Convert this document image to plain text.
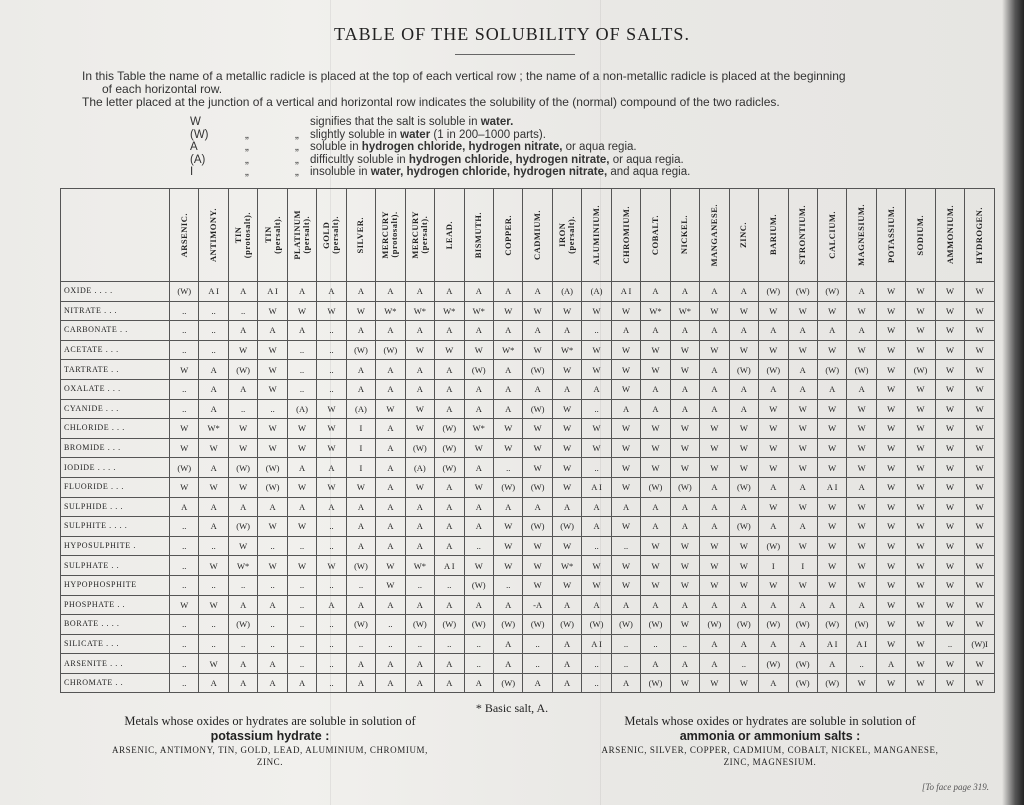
TABLE OF THE SOLUBILITY OF SALTS.

In this Table the name of a metallic radicle is placed at the top of each vertical row ; the name of a non-metallic radicle is placed at the beginning

of each horizontal row.

The letter placed at the junction of a vertical and horizontal row indicates the solubility of the (normal) compound of the two radicles.

W	signifies that the salt is soluble in water.
(W)	„	„ slightly soluble in water (1 in 200–1000 parts).
A	„	„ soluble in hydrogen chloride, hydrogen nitrate, or aqua regia.
(A)	„	„ difficultly soluble in hydrogen chloride, hydrogen nitrate, or aqua regia.
I	„	„ insoluble in water, hydrogen chloride, hydrogen nitrate, and aqua regia.

	ARSENIC.	ANTIMONY.	TIN
(protosalt).	TIN
(persalt).	PLATINUM
(persalt).	GOLD
(persalt).	SILVER.	MERCURY
(protosalt).	MERCURY
(persalt).	LEAD.	BISMUTH.	COPPER.	CADMIUM.	IRON
(persalt).	ALUMINIUM.	CHROMIUM.	COBALT.	NICKEL.	MANGANESE.	ZINC.	BARIUM.	STRONTIUM.	CALCIUM.	MAGNESIUM.	POTASSIUM.	SODIUM.	AMMONIUM.	HYDROGEN.

OXIDE . . . .	(W)	A I	A	A I	A	A	A	A	A	A	A	A	A	(A)	(A)	A I	A	A	A	A	(W)	(W)	(W)	A	W	W	W	W
NITRATE . . .	..	..	..	W	W	W	W	W*	W*	W*	W*	W	W	W	W	W	W*	W*	W	W	W	W	W	W	W	W	W	W
CARBONATE . .	..	..	A	A	A	..	A	A	A	A	A	A	A	A	..	A	A	A	A	A	A	A	A	A	W	W	W	W
ACETATE . . .	..	..	W	W	..	..	(W)	(W)	W	W	W	W*	W	W*	W	W	W	W	W	W	W	W	W	W	W	W	W	W
TARTRATE . .	W	A	(W)	W	..	..	A	A	A	A	(W)	A	(W)	W	W	W	W	W	A	(W)	(W)	A	(W)	(W)	W	(W)	W	W
OXALATE . . .	..	A	A	W	..	..	A	A	A	A	A	A	A	A	A	W	A	A	A	A	A	A	A	A	W	W	W	W
CYANIDE . . .	..	A	..	..	(A)	W	(A)	W	W	A	A	A	(W)	W	..	A	A	A	A	A	W	W	W	W	W	W	W	W
CHLORIDE . . .	W	W*	W	W	W	W	I	A	W	(W)	W*	W	W	W	W	W	W	W	W	W	W	W	W	W	W	W	W	W
BROMIDE . . .	W	W	W	W	W	W	I	A	(W)	(W)	W	W	W	W	W	W	W	W	W	W	W	W	W	W	W	W	W	W
IODIDE . . . .	(W)	A	(W)	(W)	A	A	I	A	(A)	(W)	A	..	W	W	..	W	W	W	W	W	W	W	W	W	W	W	W	W
FLUORIDE . . .	W	W	W	(W)	W	W	W	A	W	A	W	(W)	(W)	W	A I	W	(W)	(W)	A	(W)	A	A	A I	A	W	W	W	W
SULPHIDE . . .	A	A	A	A	A	A	A	A	A	A	A	A	A	A	A	A	A	A	A	A	W	W	W	W	W	W	W	W
SULPHITE . . . .	..	A	(W)	W	W	..	A	A	A	A	A	W	(W)	(W)	A	W	A	A	A	(W)	A	A	W	W	W	W	W	W
HYPOSULPHITE .	..	..	W	..	..	..	A	A	A	A	..	W	W	W	..	..	W	W	W	W	(W)	W	W	W	W	W	W	W
SULPHATE . .	..	W	W*	W	W	W	(W)	W	W*	A I	W	W	W	W*	W	W	W	W	W	W	I	I	W	W	W	W	W	W
HYPOPHOSPHITE	..	..	..	..	..	..	..	W	..	..	(W)	..	W	W	W	W	W	W	W	W	W	W	W	W	W	W	W	W
PHOSPHATE . .	W	W	A	A	..	A	A	A	A	A	A	A	-A	A	A	A	A	A	A	A	A	A	A	A	W	W	W	W
BORATE . . . .	..	..	(W)	..	..	..	(W)	..	(W)	(W)	(W)	(W)	(W)	(W)	(W)	(W)	(W)	W	(W)	(W)	(W)	(W)	(W)	(W)	W	W	W	W
SILICATE . . .	..	..	..	..	..	..	..	..	..	..	..	A	..	A	A I	..	..	..	A	A	A	A	A I	A I	W	W	..	(W)I
ARSENITE . . .	..	W	A	A	..	..	A	A	A	A	..	A	..	A	..	..	A	A	A	..	(W)	(W)	A	..	A	W	W	W
CHROMATE . .	..	A	A	A	A	..	A	A	A	A	A	(W)	A	A	..	A	(W)	W	W	W	A	(W)	(W)	W	W	W	W	W
* Basic salt, A.
Metals whose oxides or hydrates are soluble in solution of
potassium hydrate :
ARSENIC, ANTIMONY, TIN, GOLD, LEAD, ALUMINIUM, CHROMIUM,
ZINC.
Metals whose oxides or hydrates are soluble in solution of
ammonia or ammonium salts :
ARSENIC, SILVER, COPPER, CADMIUM, COBALT, NICKEL, MANGANESE,
ZINC, MAGNESIUM.
[To face page 319.
